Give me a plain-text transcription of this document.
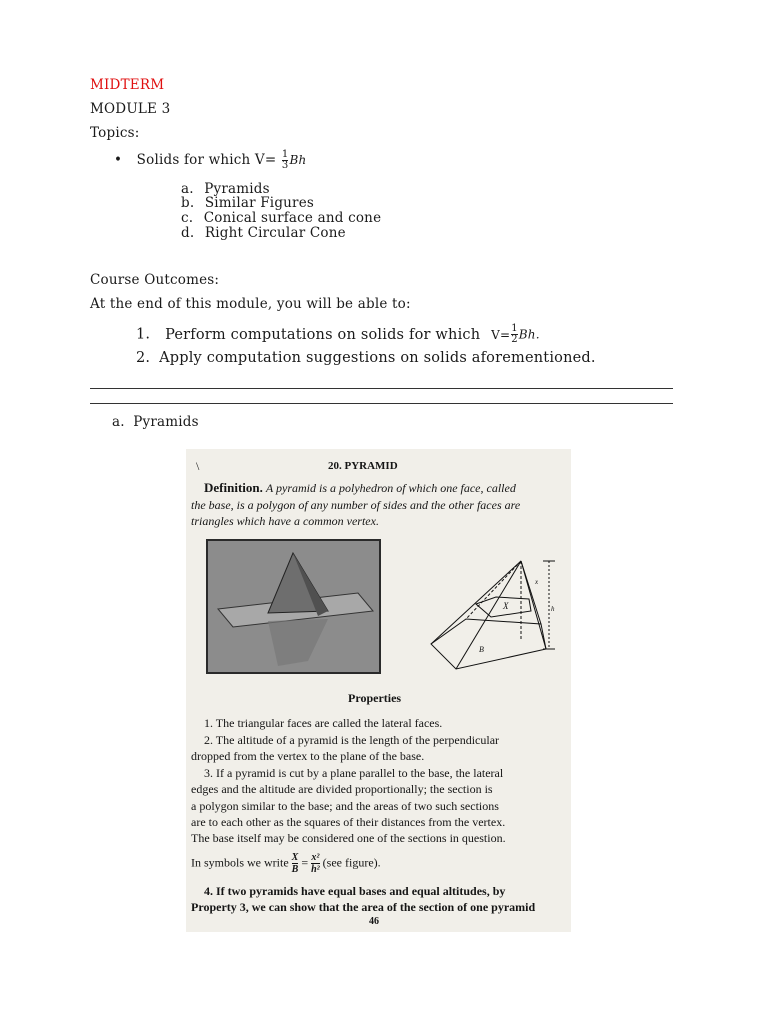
MIDTERM
MODULE 3
Topics:
• Solids for which $V= \frac{1}{3}$ Bh
a. Pyramids
b. Similar Figures
c. Conical surface and cone
d. Right Circular Cone
Course Outcomes:
At the end of this module, you will be able to:
1. Perform computations on solids for which $V= \frac{1}{2} Bh$.
2. Apply computation suggestions on solids aforementioned.
a. Pyramids
\	20. PYRAMID
Definition. A pyramid is a polyhedron of which one face, called
the base, is a polygon of any number of sides and the other faces are
triangles which have a common vertex.
X
B
x
h
Properties
1. The triangular faces are called the lateral faces.
2. The altitude of a pyramid is the length of the perpendicular
dropped from the vertex to the plane of the base.
3. If a pyramid is cut by a plane parallel to the base, the lateral
edges and the altitude are divided proportionally; the section is
a polygon similar to the base; and the areas of two such sections
are to each other as the squares of their distances from the vertex.
The base itself may be considered one of the sections in question.
In symbols we write $\frac{X}{B} = \frac{\text{x²}}{\text{h²}} (see$ figure).
4. If two pyramids have equal bases and equal altitudes, by
Property 3, we can show that the area of the section of one pyramid
46
